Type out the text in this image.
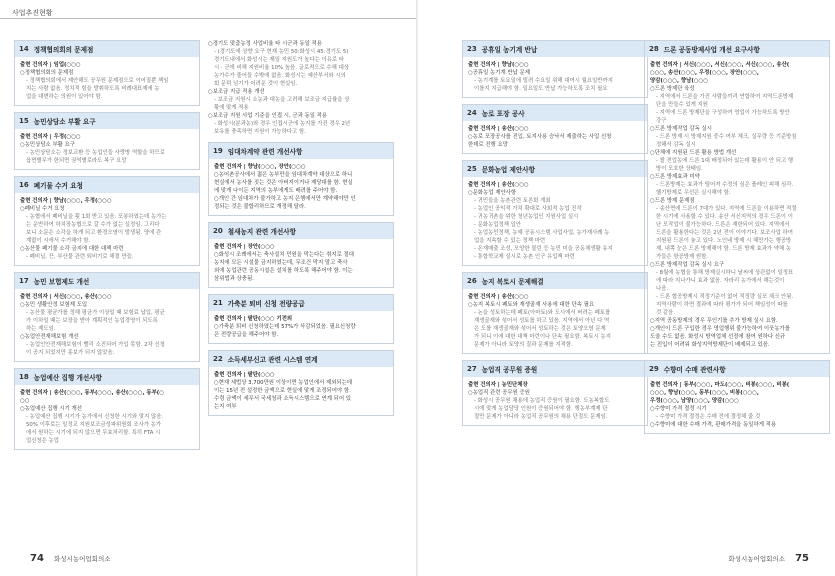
사업추진현황
14 정책협의회의 문제점
출현 건의자 | 임업(○○○
○정책협의회의 문제점
- 정책협의회에서 제안해도 공무원 문제점으로 이어질뿐 책임
지는 사람 없음. 정치적 힘을 발휘하도록 비례대표제에 농
업을 대변하는 의원이 있어야 함.
15 농민상담소 부활 요구
출현 건의자 | 우정(○○○
○농민상담소 부활 요구
- 농민상담소는 정보교환 등 농업인들 사랑방 역할을 하므로
읍면별무가 한되면 권역별로라도 복구 요망
16 폐기물 수거 요청
출현 건의자 | 향남(○○○, 우정(○○○
○폐비닐 수거 요청
- 농협에서 폐비닐을 횟 1회 받고 있음. 포봉하였는데 농가는
는 운반하여 하치장농협으로 갈 수가 없는 실정임. 그리다
보니 소문은 소각을 하게 되고 환경오염이 발생됨. 양에 관
계없이 시에서 수거해야 함.
○농산물 폐기물 소각 금지에 대한 대책 마련
- 폐비닐, 끈, 부산물 관련 퇴비기로 해결 만들.
17 농민 보험제도 개선
출현 건의자 | 서신(○○○, 송산(○○○
○농민 생활안정 보험제 도입
- 농산물 평균가를 정해 평균가 이상일 때 보험료 납입, 평균
가 이하일 때는 보장을 받아 계획적인 농업경영이 되도록
하는 제도임.
○농업안전재해보험 개선
- 농업인안전재해보험이 빨리 소진되어 가입 못함. 2차 신청
이 공지 되었지만 홍보가 되지 않았음.
18 농업예산 집행 개선사항
출현 건의자 | 송산(○○○, 동부(○○○, 송산(○○○, 동부(○
○○
○농업예산 집행 시기 개선
- 농업예산 집행 시기가 농가에서 신청한 시기와 맞지 않음.
50% 이후로는 일정교 지원보조금성파위원회 조사가 농가
에서 원하는 시기에 되지 않으면 무효처리함. 특히 FTA 시
업신청은 농업
○경기도 맞춤농정 사업비율 타 시군과 동일 적용
- (경기도에 상향 요구 현재 농민 50:화성시 45:경기도 5)
경기도내에서 화성시는 제일 지원도가 높다는 이유로 타
시 · 군에 비해 지원비율 10% 높음. 글로적으로 수해 대상
농가수가 줄어들 수밖에 없음. 화성시는 예산부서와 시의
회 문턱 넘기가 어려운 것이 현실임.
○보조금 지급 적용 개선
- 보조금 지원시 소농과 대농을 고려해 보조금 지급률을 상
황에 맞게 적용
○보조금 지원 사업 기준을 인접 시, 군과 동일 적용
- 화성시(분과농)와 경우 인접시군에 농지를 가진 경우 2년
보유를 충족하면 지원이 가능하다고 함.
19 임대차계약 관련 개선사항
출현 건의자 | 향남(○○○, 장안(○○○
○농어촌공사에서 젊은 농부만을 임대차계약 대상으로 하니
현실에서 농사를 짓는 것은 아버지이거나 제당대를 함. 현실
에 맞게 나이든 지역의 농부에게도 배려를 주어야 함.
○개인 간 임대차가 불가하고 농지 은행에서만 계약해야만 인
정되는 것은 불합리하므로 개정해 달라.
20 철새농지 관련 개선사항
출현 건의자 | 장안(○○○
○화성시 조례에서는 축사설치 민원을 막는다는 취지로 절대
농지에 모든 시설물 금지하였는데, 무조건 막지 말고 축사
외에 농업관련 공동시설은 설치를 하도록 해주어야 함. 이는
삼위법과 상충됨.
21 가축분 퇴비 신청 전량공급
출현 건의자 | 팔탄(○○○ 기전외
○가축분 퇴비 신청하였는데 57%가 삭감되었음. 필요신청량
은 전량공급을 해주어야 함.
22 소득세부신고 관련 시스템 연계
출현 건의자 | 팔탄(○○○
○현재 세법상 3,700만원 이상이면 농업인에서 제외되는데
이는 15년 전 설정한 금액으로 현실에 맞게 조정되어야 함.
수령 금액이 세무서 국세청과 소득시스템으로 연계 되어 있
는지 여부
74 화성시농어업회의소
23 공휴일 농기계 반납
출현 건의자 | 향남(○○○
○공휴일 농기계 반납 문제
- 농기계를 토요일에 빌려 수요일 위해 대여시 월요일반까지
이를지 지급해야 함. 일요일도 반납 가능하도록 조치 필요
24 농로 포장 공사
출현 건의자 | 송산(○○○
○농로 포장공사를 진입, 토지사용 승낙서 제출하는 사업 신청
한데로 진행 요망
25 문화농업 제안사항
출현 건의자 | 송산(○○○
○문화농업 제안사항
- 귀민들을 농촌관련 토론회 개최
- 농업인 공익적 가치 확대로 사회적 농업 진작
- 귀농귀촌을 위한 청년농업인 지원사업 실시
- 문화농업정책 입안
- 농업농민정책, 농예 공동시스템 사업사업, 농가재사례 농
업을 지속할 수 있는 정책 마련
- 온재매출 조성, 모양한 물린 등 농민 미을 공동체생활 유지
- 통합학교제 실시로 농촌 인구 유입책 마련
26 농지 복토시 문제해결
출현 건의자 | 송산(○○○
○농지 복토시 폐토와 재생골재 사용에 대한 단속 필요
- 논을 성토하는데 폐토(아마토)와 도시에서 버려는 폐토를
재생골재와 섞어서 성토를 하고 있음. 지역에서 아닌 다 역
은 도를 재생골재와 섞어서 성토하는 것은 토양오염 문제
가 되니 이에 대한 대책 마련이나 단속 필요함. 복토시 농지
문제가 아니라 토양의 질과 문제를 지적함.
27 농업직 공무원 증원
출현 건의자 | 농민단체장
○농업직 관련 공무원 증원
- 화성시 공무원 채용에 농업직 증원이 필요함. 도농복합도
시에 맞게 농업담당 인원이 증원되어야 함. 행농부계제 단
절만 문제가 아니라 농업직 공무원의 채용 단절도 문제임.
28 드론 공동방제사업 개선 요구사항
출현 건의자 | 서신(○○○, 서신(○○○, 서신(○○○, 송산(
○○○, 송산(○○○, 우정(○○○, 장안(○○○,
양감(○○○, 향남(○○○
○드론 방제단 육성
- 지역에서 드론을 가진 사람들끼리 연합하여 지역드론방제
단을 만들수 있게 지원
- 지역에 드론 방제단을 구성하여 영업이 가능하도록 방안
강구
○드론 방제작업 감독 실시
- 드론 방제 시 방제지원 중수 여부 체크, 실무량 등 기준방침
정해서 감독 실시
○단체에 지원된 드론 활용 방법 개선
- 쌀 전업농에 드론 1대 배정되어 있는데 활용이 안 되고 행
방이 모호한 상태임.
○드론 방제효과 미약
- 드론방제는 효과가 떨어져 수정의 심은 플레인 피해 심각.
헬기방제로 우선은 실시해야 함.
○드론 방제 문제점
- 송산면에 드론이 7대가 있다. 지역에 드론을 이용하면 적절
한 시기에 사용할 수 있다. 송산 서신지역의 경우 드론이 이
난 모작업이 불가능하다. 드론은 재한되어 있다. 지역에서
드론을 활용한다는 것은 2년 전이 이야기다. 보조사업 하여
지원된 드론이 놓고 있다. 노인네 방제 시 혜만가는 행공방
제, 내쪽 눈은 드론 방제해야 함. 드론 방제 효과가 약해 농
가들은 항공방제 원함.
○드론 방제작업 감독 실시 요구
- 8월에 농협을 통해 방제실시하니 날씨에 상관없이 일정표
에 따라 지나가니 효과 없음. 자라리 농가에서 해는것이
나음.
- 드론 협공방제시 적정기준이 없어 적정량 실포 체크 안됨.
지역사람이 하면 결과에 따라 평가가 되어 책임성이 따를
것 같음.
○지역 공동방제의 경우 무인기를 추가 방제 실시 요함.
○개인이 드론 구입한 경우 영업행위 불가능하여 이웃농가를
도울 수도 없음. 화성시 방역업체 선정에 참여 원하나 신규
는 진입이 어려워 화성지역방제단이 배제되고 있음.
29 수향미 수매 관련사항
출현 건의자 | 동부(○○○, 마도(○○○, 비봉(○○○, 비봉(
○○○, 향남(○○○, 동부(○○○, 비봉(○○○,
우정(○○○, 남양(○○○, 양감(○○○
○수향미 가격 결정 시기
- 수향미 가격 결정은 수매 전에 결정해 줄 것
○수향미에 대한 수매 가격, 판매가격을 동일하게 적용
화성시농어업회의소 75
